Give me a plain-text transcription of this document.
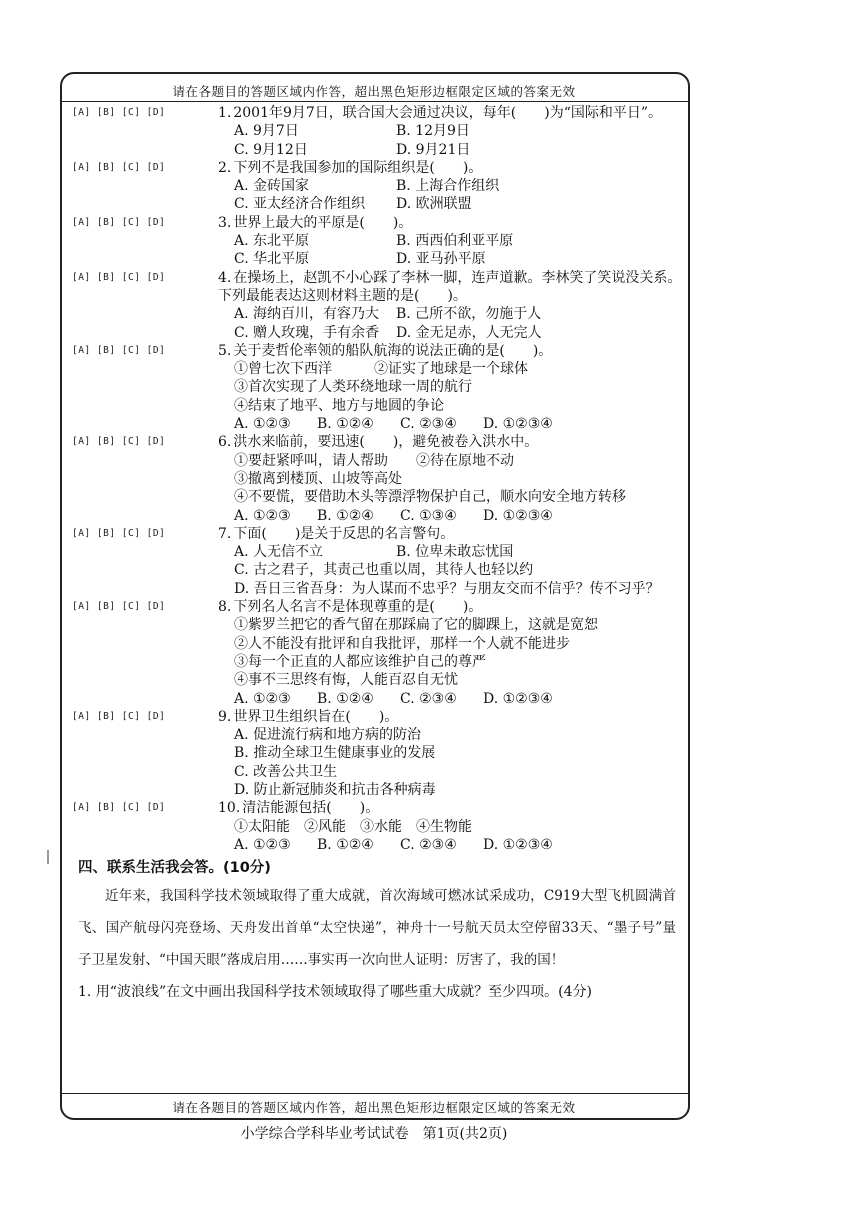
请在各题目的答题区域内作答，超出黑色矩形边框限定区域的答案无效
[A] [B] [C] [D]	1. 2001年9月7日，联合国大会通过决议，每年(　　)为“国际和平日”。
A. 9月7日	B. 12月9日
C. 9月12日	D. 9月21日
[A] [B] [C] [D]	2. 下列不是我国参加的国际组织是(　　)。
A. 金砖国家	B. 上海合作组织
C. 亚太经济合作组织	D. 欧洲联盟
[A] [B] [C] [D]	3. 世界上最大的平原是(　　)。
A. 东北平原	B. 西西伯利亚平原
C. 华北平原	D. 亚马孙平原
[A] [B] [C] [D]	4. 在操场上，赵凯不小心踩了李林一脚，连声道歉。李林笑了笑说没关系。下列最能表达这则材料主题的是(　　)。
A. 海纳百川，有容乃大	B. 己所不欲，勿施于人
C. 赠人玫瑰，手有余香	D. 金无足赤，人无完人
[A] [B] [C] [D]	5. 关于麦哲伦率领的船队航海的说法正确的是(　　)。
①曾七次下西洋　　　②证实了地球是一个球体
③首次实现了人类环绕地球一周的航行
④结束了地平、地方与地圆的争论
A. ①②③	B. ①②④	C. ②③④	D. ①②③④
[A] [B] [C] [D]	6. 洪水来临前，要迅速(　　)，避免被卷入洪水中。
①要赶紧呼叫，请人帮助　　②待在原地不动
③撤离到楼顶、山坡等高处
④不要慌，要借助木头等漂浮物保护自己，顺水向安全地方转移
A. ①②③	B. ①②④	C. ①③④	D. ①②③④
[A] [B] [C] [D]	7. 下面(　　)是关于反思的名言警句。
A. 人无信不立	B. 位卑未敢忘忧国
C. 古之君子，其责己也重以周，其待人也轻以约
D. 吾日三省吾身：为人谋而不忠乎？与朋友交而不信乎？传不习乎？
[A] [B] [C] [D]	8. 下列名人名言不是体现尊重的是(　　)。
①紫罗兰把它的香气留在那踩扁了它的脚踝上，这就是宽恕
②人不能没有批评和自我批评，那样一个人就不能进步
③每一个正直的人都应该维护自己的尊严
④事不三思终有悔，人能百忍自无忧
A. ①②③	B. ①②④	C. ②③④	D. ①②③④
[A] [B] [C] [D]	9. 世界卫生组织旨在(　　)。
A. 促进流行病和地方病的防治
B. 推动全球卫生健康事业的发展
C. 改善公共卫生
D. 防止新冠肺炎和抗击各种病毒
[A] [B] [C] [D]	10. 清洁能源包括(　　)。
①太阳能　②风能　③水能　④生物能
A. ①②③	B. ①②④	C. ②③④	D. ①②③④
四、联系生活我会答。(10分)
近年来，我国科学技术领域取得了重大成就，首次海域可燃冰试采成功，C919大型飞机圆满首飞、国产航母闪亮登场、天舟发出首单“太空快递”，神舟十一号航天员太空停留33天、“墨子号”量子卫星发射、“中国天眼”落成启用……事实再一次向世人证明：厉害了，我的国！
1. 用“波浪线”在文中画出我国科学技术领域取得了哪些重大成就？至少四项。(4分)
请在各题目的答题区域内作答，超出黑色矩形边框限定区域的答案无效
小学综合学科毕业考试试卷　第1页(共2页)
